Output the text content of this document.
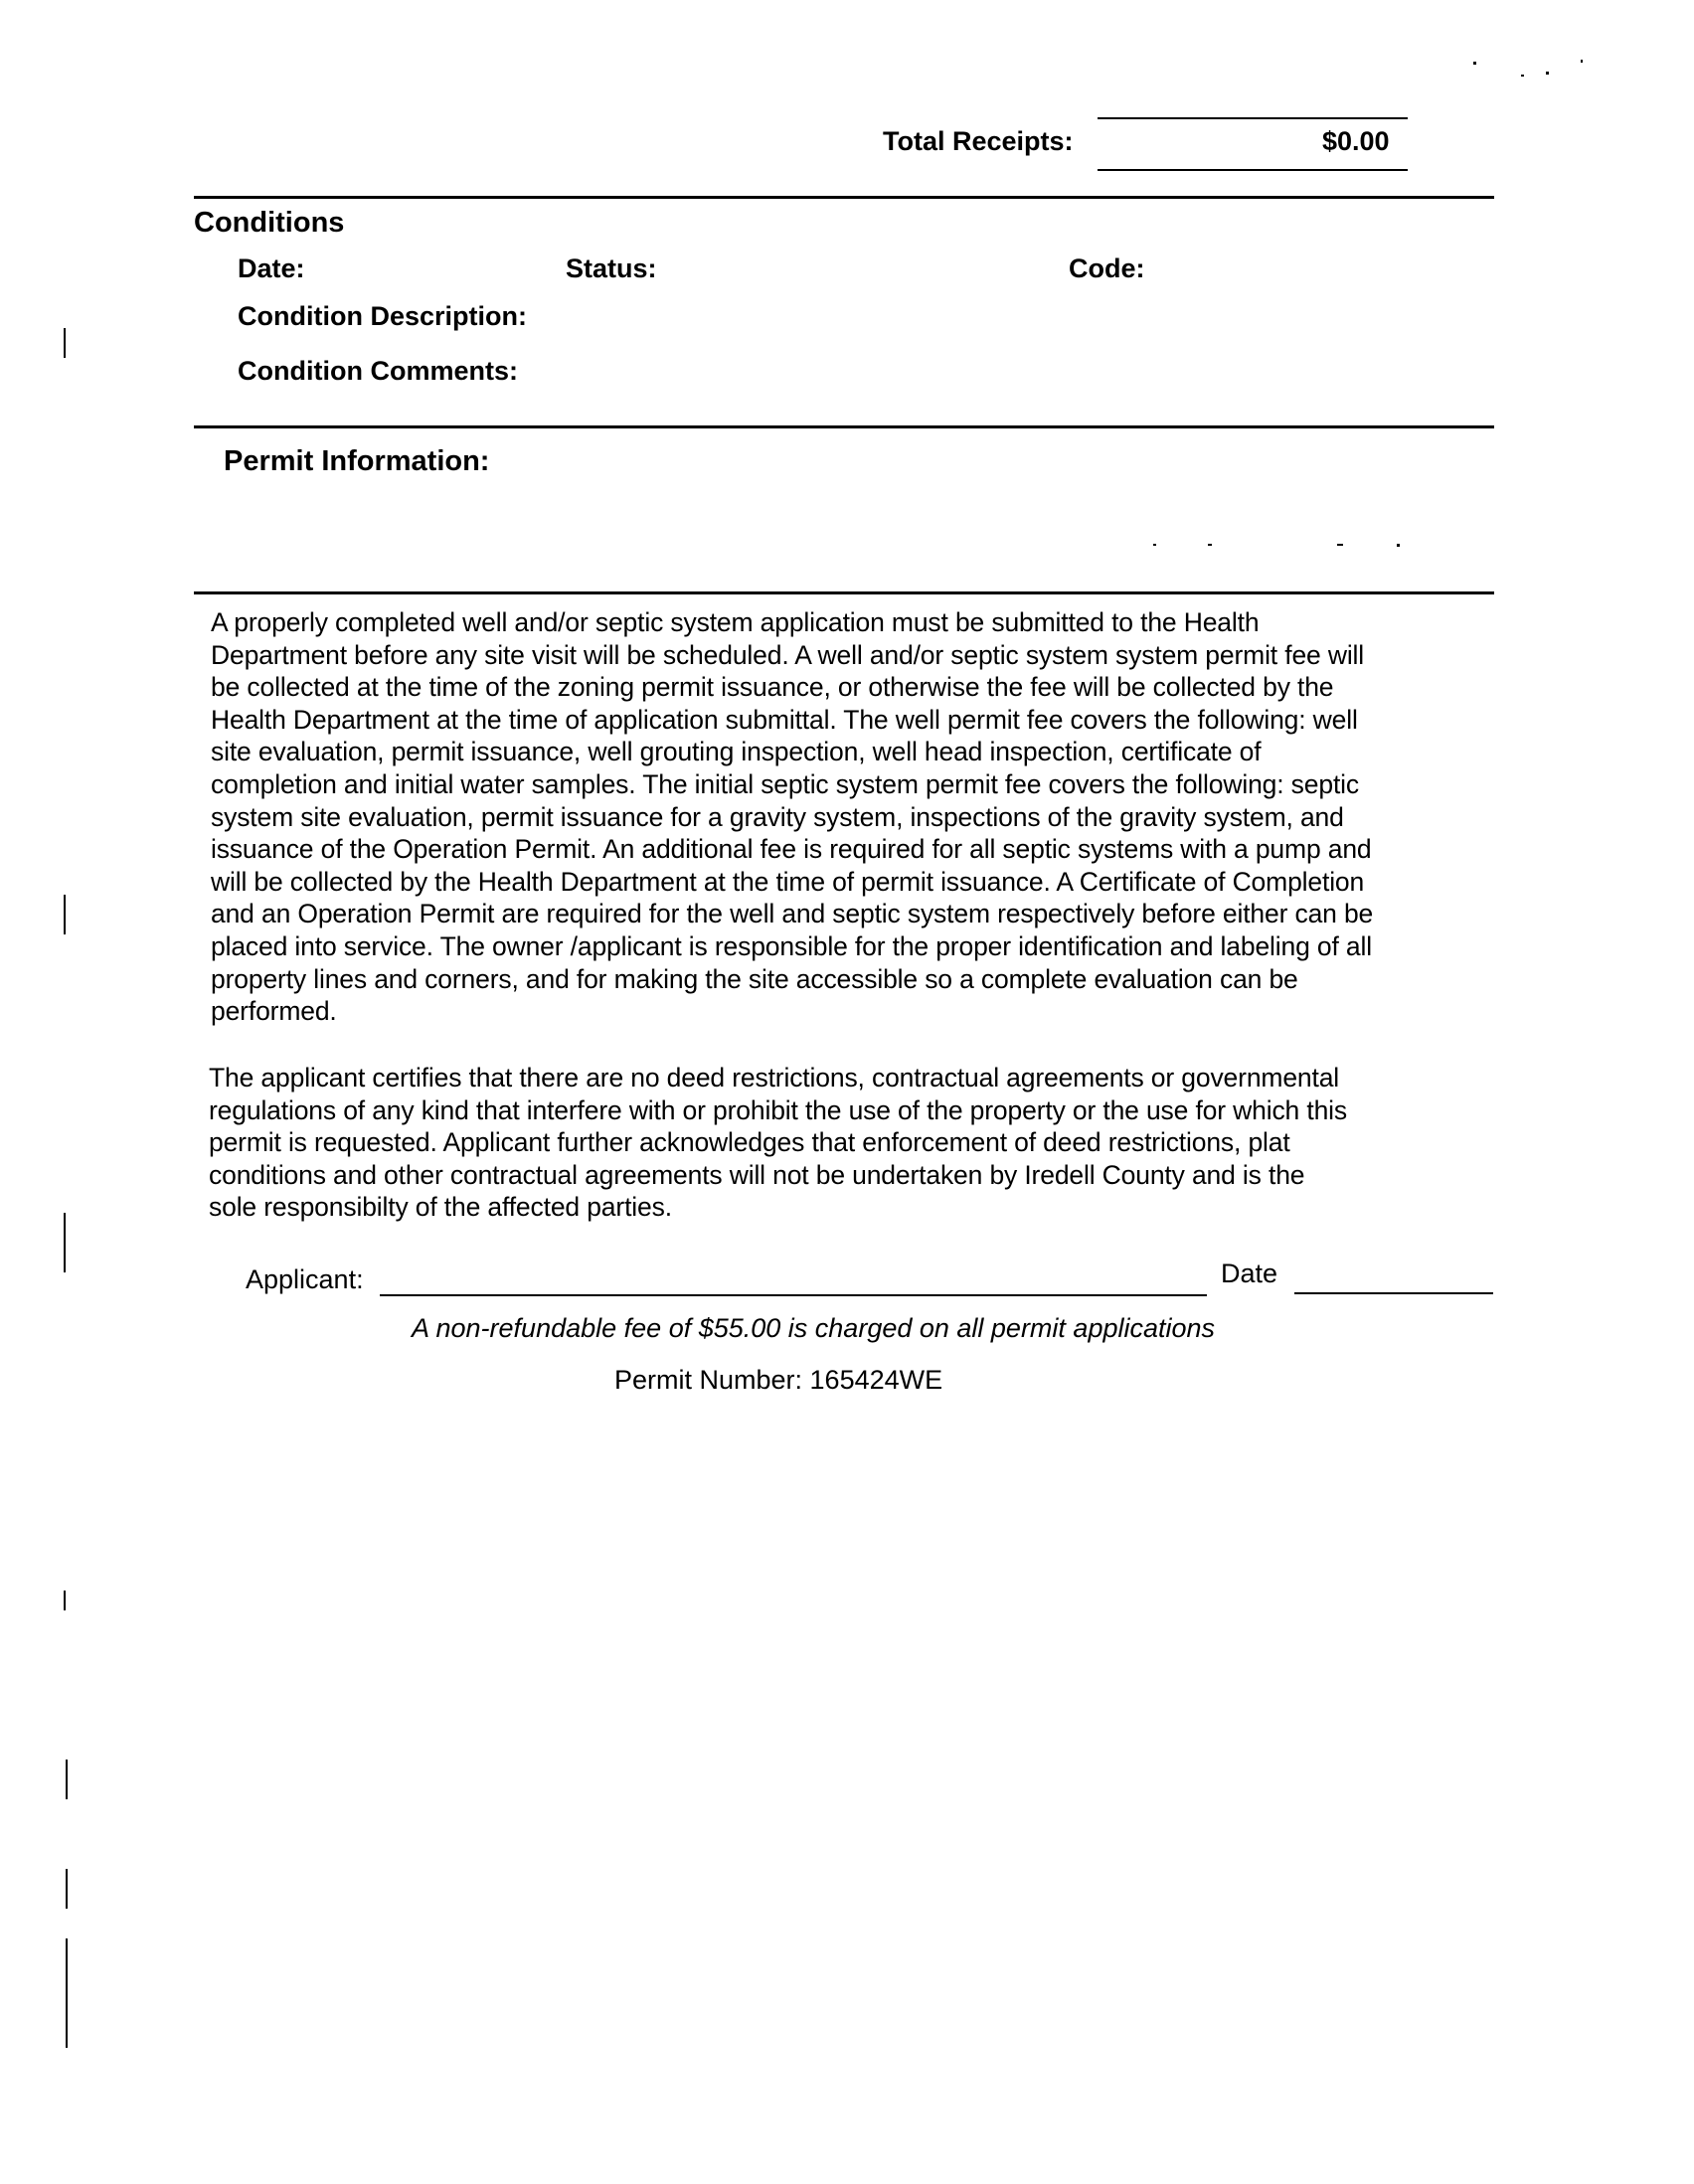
Total Receipts:	$0.00
Conditions
Date:	Status:	Code:
Condition Description:
Condition Comments:
Permit Information:
A properly completed well and/or septic system application must be submitted to the Health
Department before any site visit will be scheduled. A well and/or septic system system permit fee will
be collected at the time of the zoning permit issuance, or otherwise the fee will be collected by the
Health Department at the time of application submittal. The well permit fee covers the following: well
site evaluation, permit issuance, well grouting inspection, well head inspection, certificate of
completion and initial water samples. The initial septic system permit fee covers the following: septic
system site evaluation, permit issuance for a gravity system, inspections of the gravity system, and
issuance of the Operation Permit. An additional fee is required for all septic systems with a pump and
will be collected by the Health Department at the time of permit issuance. A Certificate of Completion
and an Operation Permit are required for the well and septic system respectively before either can be
placed into service. The owner /applicant is responsible for the proper identification and labeling of all
property lines and corners, and for making the site accessible so a complete evaluation can be
performed.
The applicant certifies that there are no deed restrictions, contractual agreements or governmental
regulations of any kind that interfere with or prohibit the use of the property or the use for which this
permit is requested. Applicant further acknowledges that enforcement of deed restrictions, plat
conditions and other contractual agreements will not be undertaken by Iredell County and is the
sole responsibilty of the affected parties.
Applicant:	Date
A non-refundable fee of $55.00 is charged on all permit applications
Permit Number: 165424WE
